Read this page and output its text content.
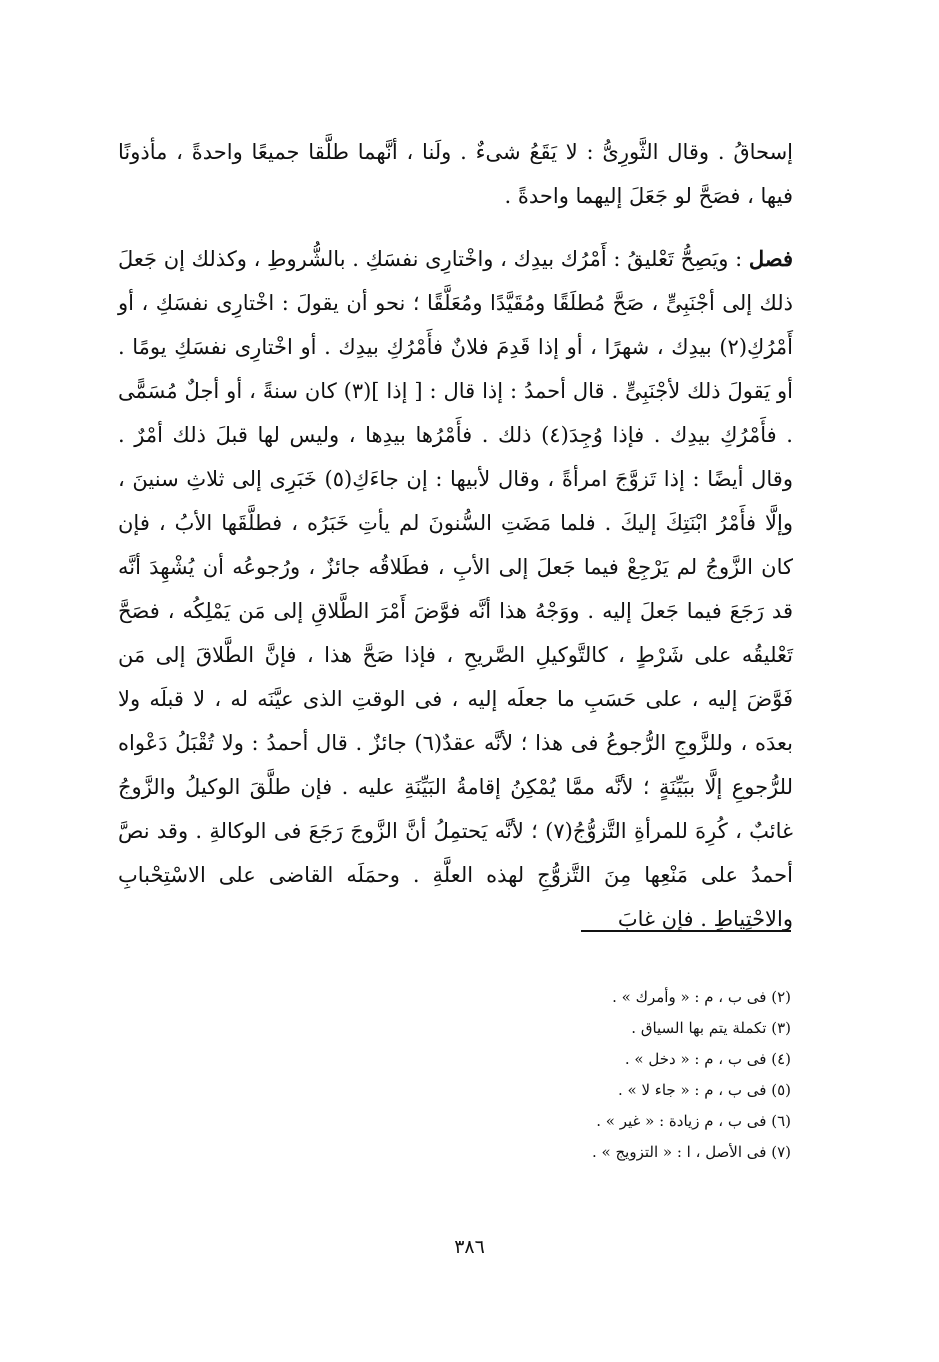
إسحاقُ . وقال الثَّورِىُّ : لا يَقَعُ شىءٌ . ولَنا ، أنَّهما طلَّقا جميعًا واحدةً ، مأذونًا فيها ، فصَحَّ لو جَعَلَ إليهما واحدةً .

فصل : ويَصِحُّ تَعْليقُ : أَمْرُك بيدِك ، واخْتارِى نفسَكِ . بالشُّروطِ ، وكذلك إن جَعلَ ذلك إلى أجْنَبِىٍّ ، صَحَّ مُطلَقًا ومُقَيَّدًا ومُعَلَّقًا ؛ نحو أن يقولَ : اخْتارِى نفسَكِ ، أو أَمْرُكِ(٢) بيدِك ، شهرًا ، أو إذا قَدِمَ فلانٌ فأَمْرُكِ بيدِك . أو اخْتارِى نفسَكِ يومًا . أو يَقولَ ذلك لأجْنَبِىٍّ . قال أحمدُ : إذا قال : [ إذا ](٣) كان سنةً ، أو أجلٌ مُسَمًّى . فأَمْرُكِ بيدِك . فإذا وُجِدَ(٤) ذلك . فأَمْرُها بيدِها ، وليس لها قبلَ ذلك أمْرٌ . وقال أيضًا : إذا تَزوَّجَ امرأةً ، وقال لأبيها : إن جاءَكِ(٥) خَبَرِى إلى ثلاثِ سنينَ ، وإلَّا فأَمْرُ ابْنَتِكَ إليكَ . فلما مَضَتِ السُّنونَ لم يأتِ خَبَرُه ، فطلَّقَها الأبُ ، فإن كان الزَّوجُ لم يَرْجِعْ فيما جَعلَ إلى الأبِ ، فطَلاقُه جائزٌ ، ورُجوعُه أن يُشْهِدَ أنَّه قد رَجَعَ فيما جَعلَ إليه . ووَجْهُ هذا أنَّه فوَّضَ أَمْرَ الطَّلاقِ إلى مَن يَمْلِكُه ، فصَحَّ تَعْليقُه على شَرْطٍ ، كالتَّوكيلِ الصَّريحِ ، فإذا صَحَّ هذا ، فإنَّ الطَّلاقَ إلى مَن فَوَّضَ إليه ، على حَسَبِ ما جعلَه إليه ، فى الوقتِ الذى عيَّنَه له ، لا قبلَه ولا بعدَه ، وللزَّوجِ الرُّجوعُ فى هذا ؛ لأنَّه عقدٌ(٦) جائزٌ . قال أحمدُ : ولا تُقْبَلُ دَعْواه للرُّجوعِ إلَّا ببَيِّنَةٍ ؛ لأنَّه ممَّا يُمْكِنُ إقامةُ البَيِّنَةِ عليه . فإن طلَّقَ الوكيلُ والزَّوجُ غائبٌ ، كُرِهَ للمرأةِ التَّزوُّجُ(٧) ؛ لأنَّه يَحتمِلُ أنَّ الزَّوجَ رَجَعَ فى الوكالةِ . وقد نصَّ أحمدُ على مَنْعِها مِنَ التَّزوُّجِ لهذه العلَّةِ . وحمَلَه القاضى على الاسْتِحْبابِ والاحْتِياطِ . فإن غابَ

(٢) فى ب ، م : « وأمرك » .
(٣) تكملة يتم بها السياق .
(٤) فى ب ، م : « دخل » .
(٥) فى ب ، م : « جاء لا » .
(٦) فى ب ، م زيادة : « غير » .
(٧) فى الأصل ، ا : « التزويج » .
٣٨٦
